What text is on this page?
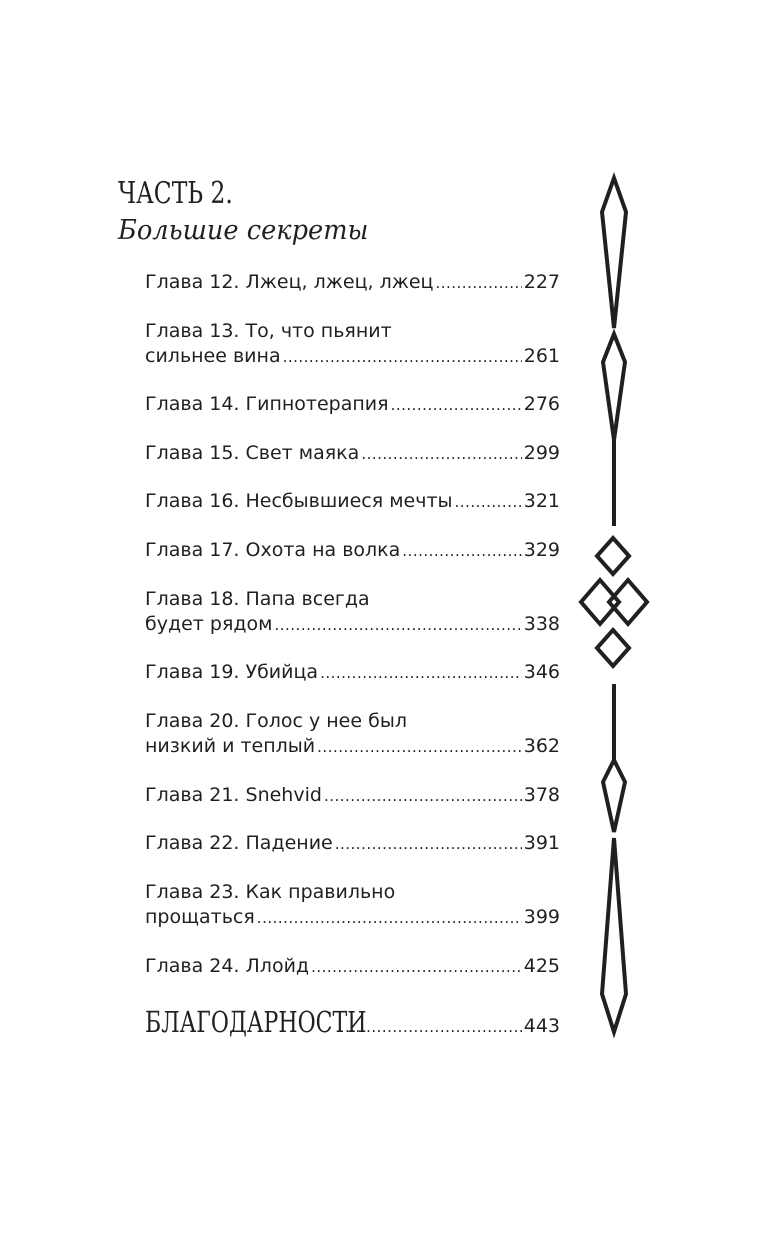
ЧАСТЬ 2.
Большие секреты
Глава 12. Лжец, лжец, лжец .....	227
Глава 13. То, что пьянит
сильнее вина .....	261
Глава 14. Гипнотерапия .....	276
Глава 15. Свет маяка .....	299
Глава 16. Несбывшиеся мечты .....	321
Глава 17. Охота на волка .....	329
Глава 18. Папа всегда
будет рядом .....	338
Глава 19. Убийца .....	346
Глава 20. Голос у нее был
низкий и теплый .....	362
Глава 21. Snehvid .....	378
Глава 22. Падение .....	391
Глава 23. Как правильно
прощаться .....	399
Глава 24. Ллойд .....	425
БЛАГОДАРНОСТИ .....	443
